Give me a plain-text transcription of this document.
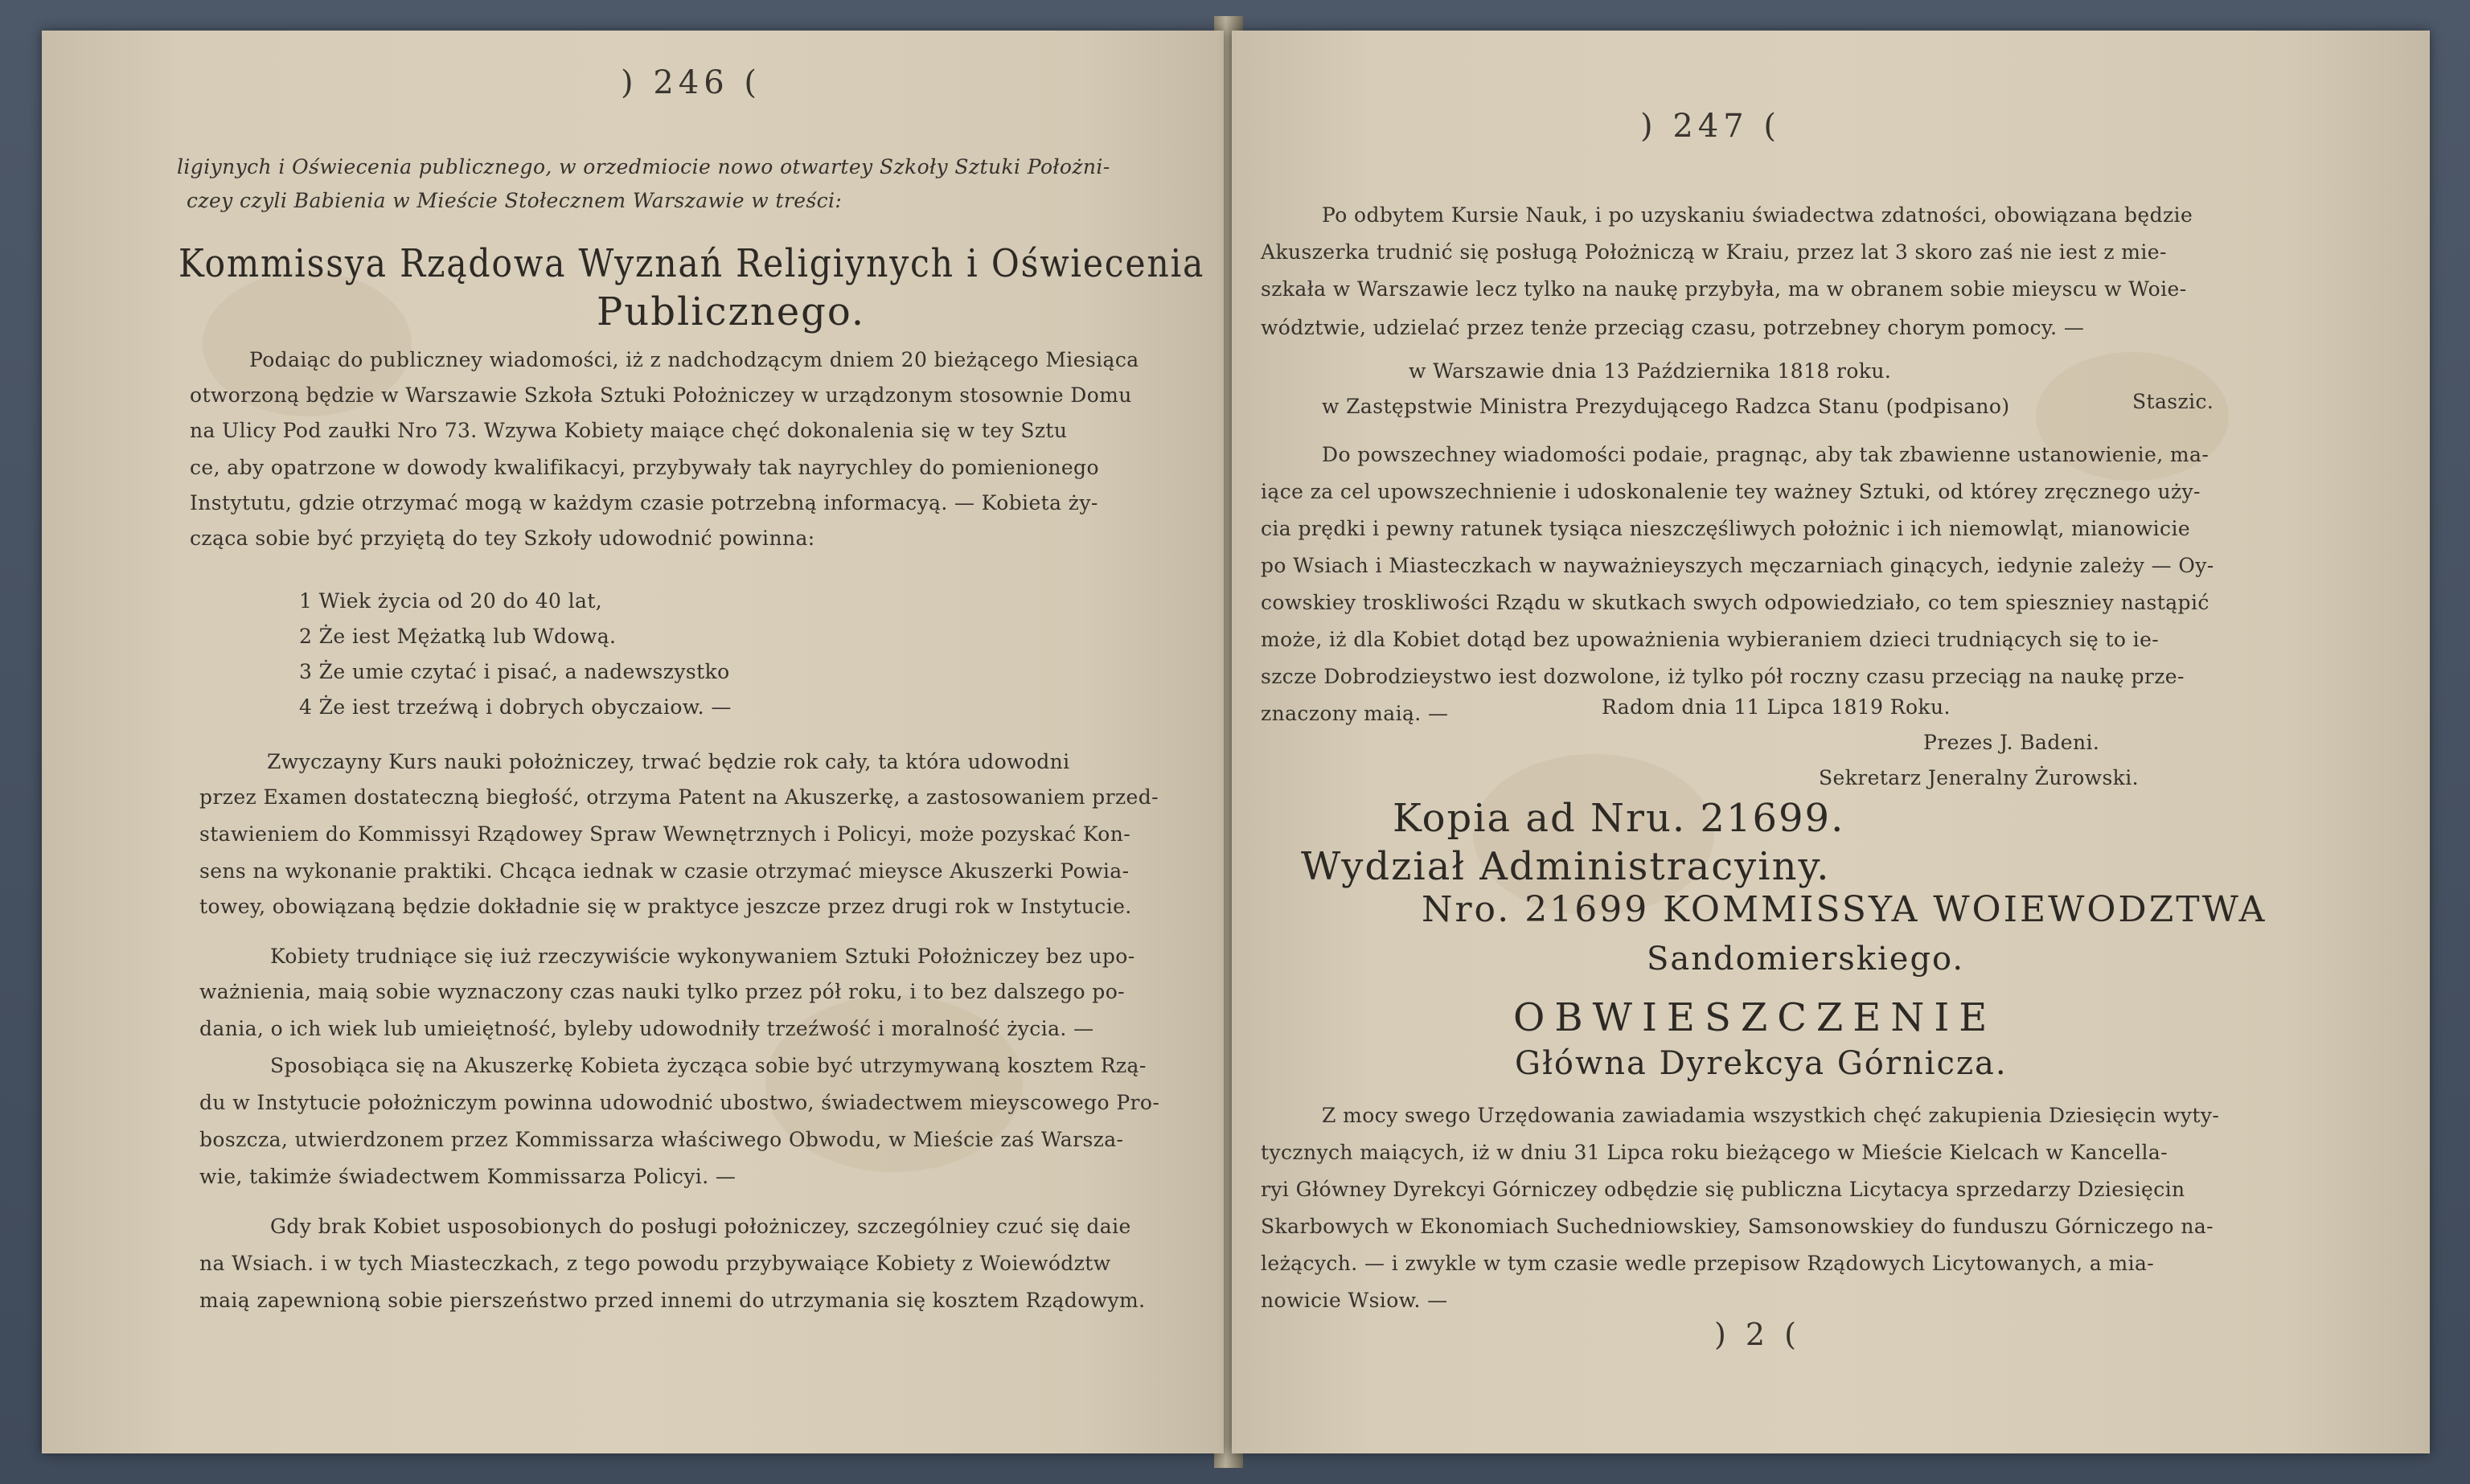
) 246 (
ligiynych i Oświecenia publicznego, w orzedmiocie nowo otwartey Szkoły Sztuki Położni-
czey czyli Babienia w Mieście Stołecznem Warszawie w treści:
Kommissya Rządowa Wyznań Religiynych i Oświecenia
Publicznego.
Podaiąc do publiczney wiadomości, iż z nadchodzącym dniem 20 bieżącego Miesiąca
otworzoną będzie w Warszawie Szkoła Sztuki Położniczey w urządzonym stosownie Domu
na Ulicy Pod zaułki Nro 73. Wzywa Kobiety maiące chęć dokonalenia się w tey Sztu
ce, aby opatrzone w dowody kwalifikacyi, przybywały tak nayrychley do pomienionego
Instytutu, gdzie otrzymać mogą w każdym czasie potrzebną informacyą. — Kobieta ży-
cząca sobie być przyiętą do tey Szkoły udowodnić powinna:
1 Wiek życia od 20 do 40 lat,
2 Że iest Mężatką lub Wdową.
3 Że umie czytać i pisać, a nadewszystko
4 Że iest trzeźwą i dobrych obyczaiow. —
Zwyczayny Kurs nauki położniczey, trwać będzie rok cały, ta która udowodni
przez Examen dostateczną biegłość, otrzyma Patent na Akuszerkę, a zastosowaniem przed-
stawieniem do Kommissyi Rządowey Spraw Wewnętrznych i Policyi, może pozyskać Kon-
sens na wykonanie praktiki. Chcąca iednak w czasie otrzymać mieysce Akuszerki Powia-
towey, obowiązaną będzie dokładnie się w praktyce jeszcze przez drugi rok w Instytucie.
Kobiety trudniące się iuż rzeczywiście wykonywaniem Sztuki Położniczey bez upo-
ważnienia, maią sobie wyznaczony czas nauki tylko przez pół roku, i to bez dalszego po-
dania, o ich wiek lub umieiętność, byleby udowodniły trzeźwość i moralność życia. —
Sposobiąca się na Akuszerkę Kobieta życząca sobie być utrzymywaną kosztem Rzą-
du w Instytucie położniczym powinna udowodnić ubostwo, świadectwem mieyscowego Pro-
boszcza, utwierdzonem przez Kommissarza właściwego Obwodu, w Mieście zaś Warsza-
wie, takimże świadectwem Kommissarza Policyi. —
Gdy brak Kobiet usposobionych do posługi położniczey, szczególniey czuć się daie
na Wsiach. i w tych Miasteczkach, z tego powodu przybywaiące Kobiety z Woiewództw
maią zapewnioną sobie pierszeństwo przed innemi do utrzymania się kosztem Rządowym.
) 247 (
Po odbytem Kursie Nauk, i po uzyskaniu świadectwa zdatności, obowiązana będzie
Akuszerka trudnić się posługą Położniczą w Kraiu, przez lat 3 skoro zaś nie iest z mie-
szkała w Warszawie lecz tylko na naukę przybyła, ma w obranem sobie mieyscu w Woie-
wództwie, udzielać przez tenże przeciąg czasu, potrzebney chorym pomocy. —
w Warszawie dnia 13 Października 1818 roku.
w Zastępstwie Ministra Prezydującego Radzca Stanu (podpisano)	Staszic.
Do powszechney wiadomości podaie, pragnąc, aby tak zbawienne ustanowienie, ma-
iące za cel upowszechnienie i udoskonalenie tey ważney Sztuki, od którey zręcznego uży-
cia prędki i pewny ratunek tysiąca nieszczęśliwych położnic i ich niemowląt, mianowicie
po Wsiach i Miasteczkach w nayważnieyszych męczarniach ginących, iedynie zależy — Oy-
cowskiey troskliwości Rządu w skutkach swych odpowiedziało, co tem spiesznieу nastąpić
może, iż dla Kobiet dotąd bez upoważnienia wybieraniem dzieci trudniących się to ie-
szcze Dobrodzieystwo iest dozwolone, iż tylko pół roczny czasu przeciąg na naukę prze-
znaczony maią. —	Radom dnia 11 Lipca 1819 Roku.
Prezes J. Badeni.
Sekretarz Jeneralny Żurowski.
Kopia ad Nru. 21699.
Wydział Administracyiny.
Nro. 21699 KOMMISSYA WOIEWODZTWA
Sandomierskiego.
OBWIESZCZENIE
Główna Dyrekcya Górnicza.
Z mocy swego Urzędowania zawiadamia wszystkich chęć zakupienia Dziesięcin wyty-
tycznych maiących, iż w dniu 31 Lipca roku bieżącego w Mieście Kielcach w Kancella-
ryi Główney Dyrekcyi Górniczey odbędzie się publiczna Licytacya sprzedarzy Dziesięcin
Skarbowych w Ekonomiach Suchedniowskiey, Samsonowskiey do funduszu Górniczego na-
leżących. — i zwykle w tym czasie wedle przepisow Rządowych Licytowanych, a mia-
nowicie Wsiow. —
) 2 (
